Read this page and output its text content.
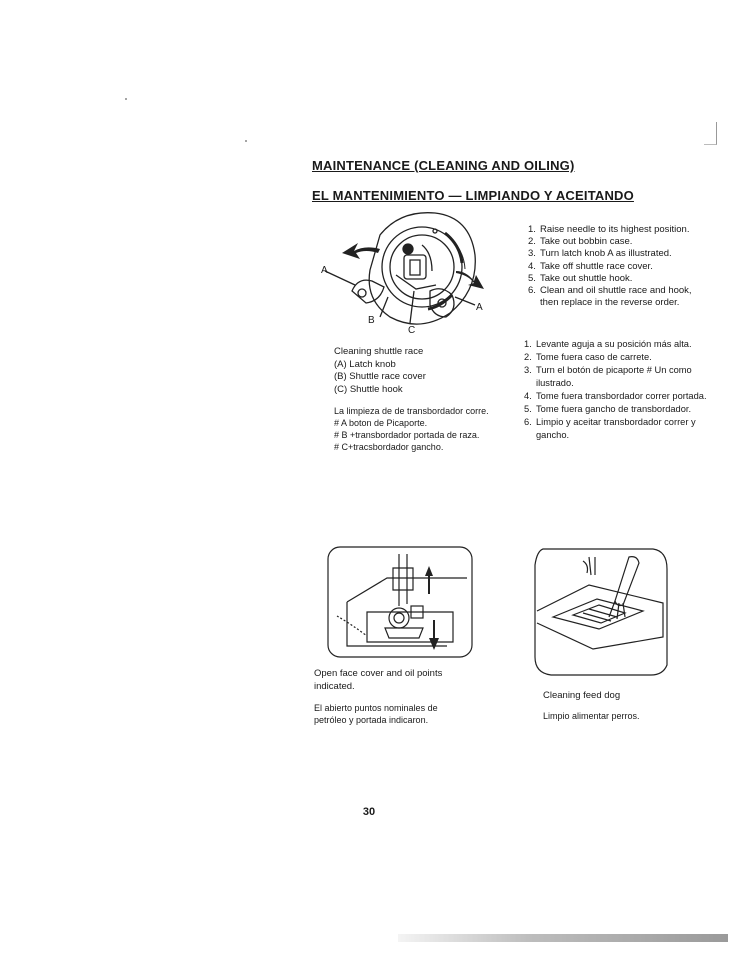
MAINTENANCE (CLEANING AND OILING)
EL MANTENIMIENTO — LIMPIANDO Y ACEITANDO
A
A
B
C
Cleaning shuttle race
(A) Latch knob
(B) Shuttle race cover
(C) Shuttle hook
La limpieza de de transbordador corre.
# A boton de Picaporte.
# B +transbordador portada de raza.
# C+tracsbordador gancho.
1. Raise needle to its highest position.
2. Take out bobbin case.
3. Turn latch knob A as illustrated.
4. Take off shuttle race cover.
5. Take out shuttle hook.
6. Clean and oil shuttle race and hook,
then replace in the reverse order.
1. Levante aguja a su posición más alta.
2. Tome fuera caso de carrete.
3. Turn el botón de picaporte # Un como
ilustrado.
4. Tome fuera transbordador correr portada.
5. Tome fuera gancho de transbordador.
6. Limpio y aceitar transbordador correr y
gancho.
Open face cover and oil points
indicated.
El abierto puntos nominales de
petróleo y portada indicaron.
Cleaning feed dog
Limpio alimentar perros.
30
